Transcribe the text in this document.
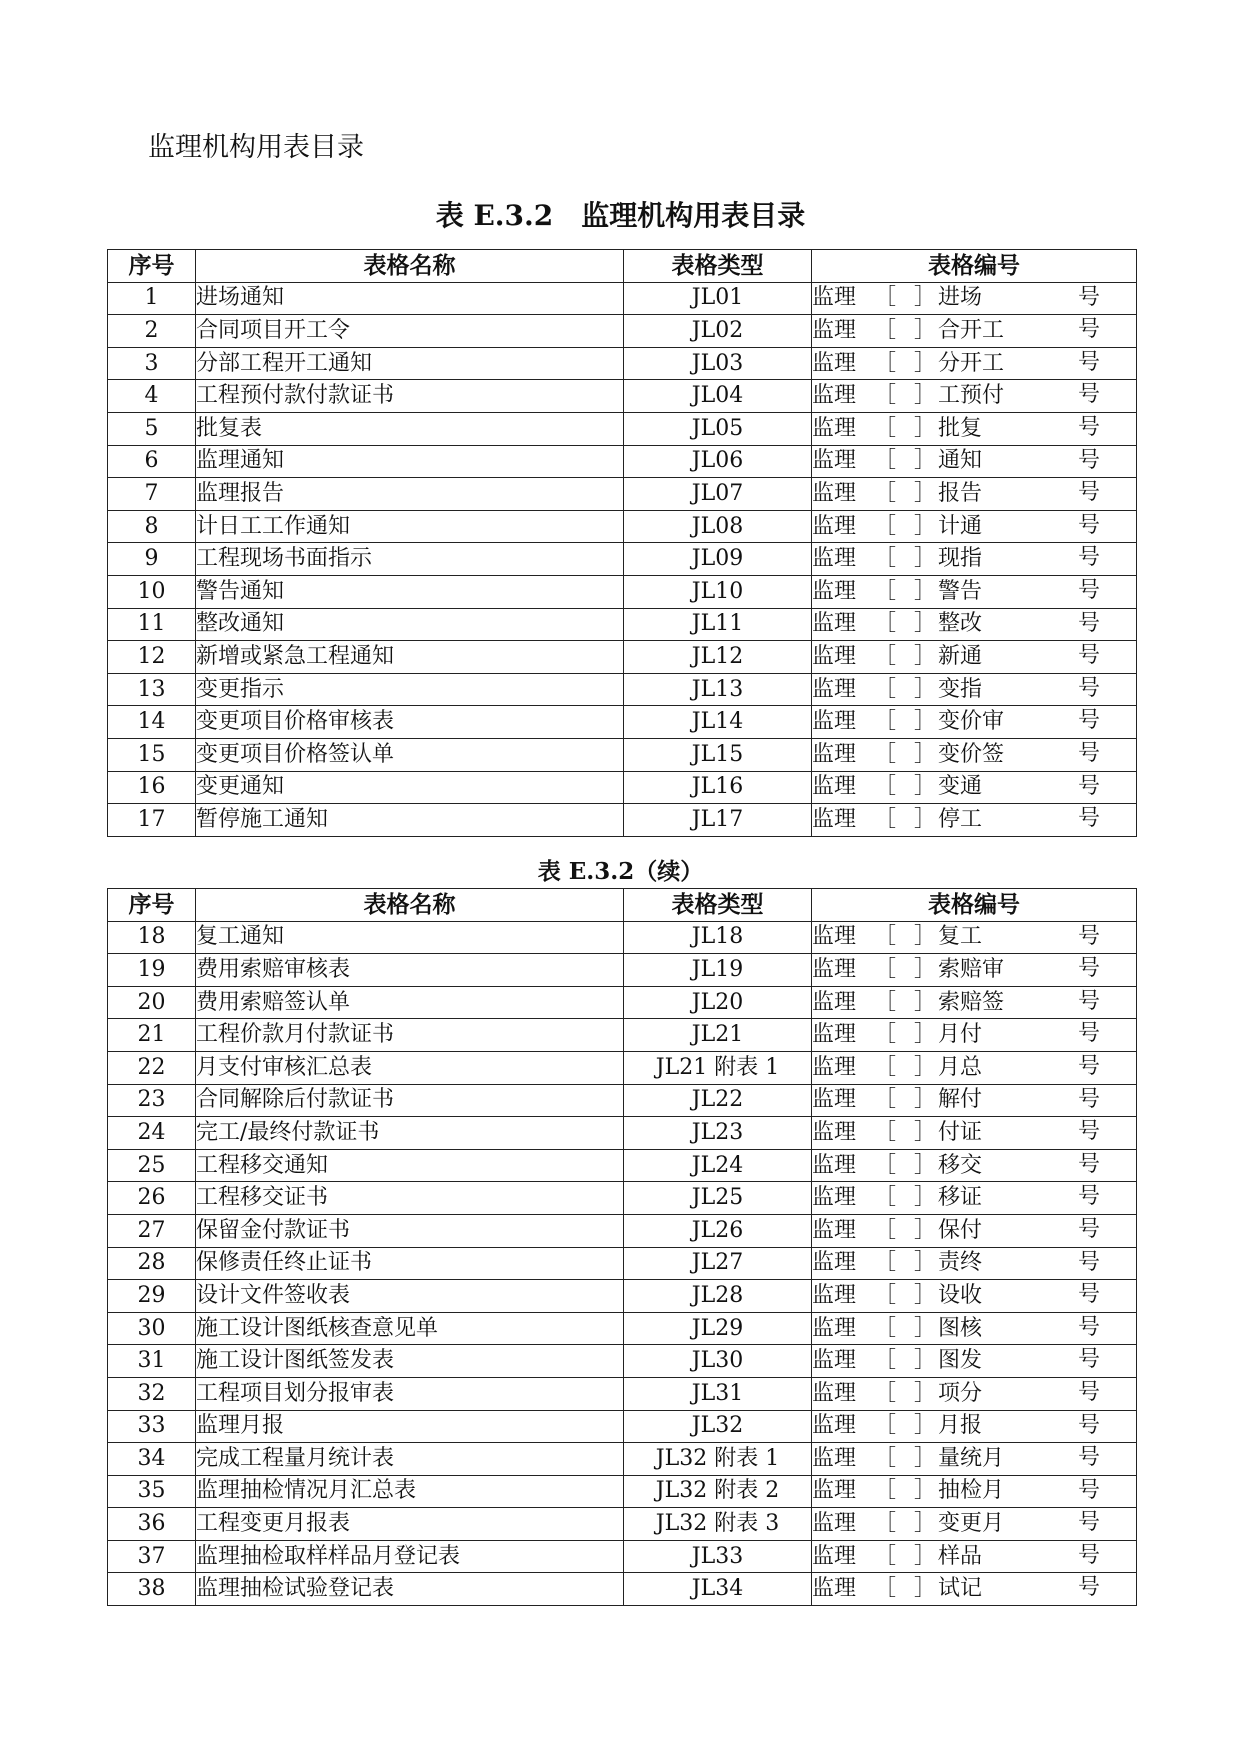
监理机构用表目录
表 E.3.2　监理机构用表目录
序号	表格名称	表格类型	表格编号
1	进场通知	JL01	监理 ［ ］进场 号

2	合同项目开工令	JL02	监理 ［ ］合开工 号

3	分部工程开工通知	JL03	监理 ［ ］分开工 号

4	工程预付款付款证书	JL04	监理 ［ ］工预付 号

5	批复表	JL05	监理 ［ ］批复 号

6	监理通知	JL06	监理 ［ ］通知 号

7	监理报告	JL07	监理 ［ ］报告 号

8	计日工工作通知	JL08	监理 ［ ］计通 号

9	工程现场书面指示	JL09	监理 ［ ］现指 号

10	警告通知	JL10	监理 ［ ］警告 号

11	整改通知	JL11	监理 ［ ］整改 号

12	新增或紧急工程通知	JL12	监理 ［ ］新通 号

13	变更指示	JL13	监理 ［ ］变指 号

14	变更项目价格审核表	JL14	监理 ［ ］变价审 号

15	变更项目价格签认单	JL15	监理 ［ ］变价签 号

16	变更通知	JL16	监理 ［ ］变通 号

17	暂停施工通知	JL17	监理 ［ ］停工 号
表 E.3.2（续）
序号	表格名称	表格类型	表格编号
18	复工通知	JL18	监理 ［ ］复工 号

19	费用索赔审核表	JL19	监理 ［ ］索赔审 号

20	费用索赔签认单	JL20	监理 ［ ］索赔签 号

21	工程价款月付款证书	JL21	监理 ［ ］月付 号

22	月支付审核汇总表	JL21 附表 1	监理 ［ ］月总 号

23	合同解除后付款证书	JL22	监理 ［ ］解付 号

24	完工/最终付款证书	JL23	监理 ［ ］付证 号

25	工程移交通知	JL24	监理 ［ ］移交 号

26	工程移交证书	JL25	监理 ［ ］移证 号

27	保留金付款证书	JL26	监理 ［ ］保付 号

28	保修责任终止证书	JL27	监理 ［ ］责终 号

29	设计文件签收表	JL28	监理 ［ ］设收 号

30	施工设计图纸核查意见单	JL29	监理 ［ ］图核 号

31	施工设计图纸签发表	JL30	监理 ［ ］图发 号

32	工程项目划分报审表	JL31	监理 ［ ］项分 号

33	监理月报	JL32	监理 ［ ］月报 号

34	完成工程量月统计表	JL32 附表 1	监理 ［ ］量统月 号

35	监理抽检情况月汇总表	JL32 附表 2	监理 ［ ］抽检月 号

36	工程变更月报表	JL32 附表 3	监理 ［ ］变更月 号

37	监理抽检取样样品月登记表	JL33	监理 ［ ］样品 号

38	监理抽检试验登记表	JL34	监理 ［ ］试记 号
